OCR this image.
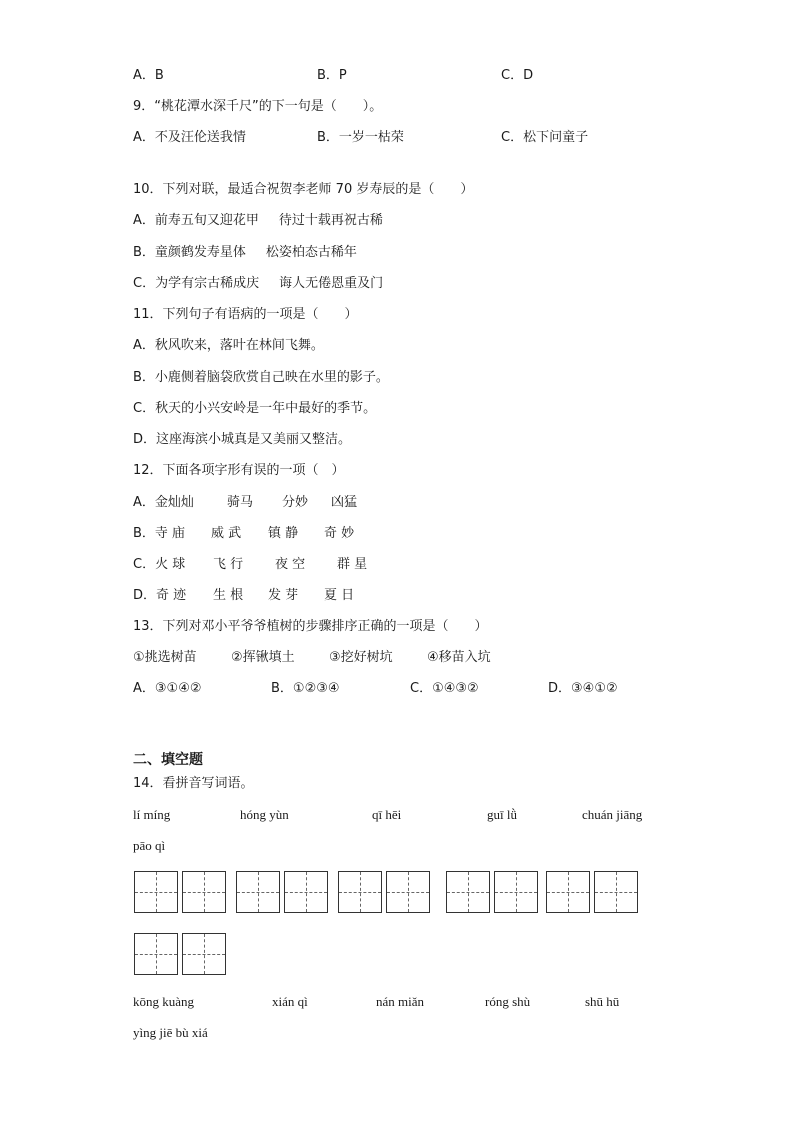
A．B	B．P	C．D
9．“桃花潭水深千尺”的下一句是（　　）。
A．不及汪伦送我情	B．一岁一枯荣	C．松下问童子
10．下列对联，最适合祝贺李老师 70 岁寿辰的是（　　）
A．前寿五旬又迎花甲 待过十载再祝古稀
B．童颜鹤发寿星体 松姿柏态古稀年
C．为学有宗古稀成庆 诲人无倦恩重及门
11．下列句子有语病的一项是（　　）
A．秋风吹来，落叶在林间飞舞。
B．小鹿侧着脑袋欣赏自己映在水里的影子。
C．秋天的小兴安岭是一年中最好的季节。
D．这座海滨小城真是又美丽又整洁。
12．下面各项字形有误的一项（　）
A．金灿灿	骑马 分妙 凶猛
B．寺 庙 威 武 镇 静 奇 妙
C．火 球 飞 行 夜 空 群 星
D．奇 迹 生 根 发 芽 夏 日
13．下列对邓小平爷爷植树的步骤排序正确的一项是（　　）
①挑选树苗	②挥锹填土	③挖好树坑	④移苗入坑
A．③①④②	B．①②③④	C．①④③②	D．③④①②
二、填空题
14．看拼音写词语。
lí míng	hóng yùn	qī hēi	guī lǜ	chuán jiāng
pāo qì
kōng kuàng	xián qì	nán miǎn	róng shù	shū hū
yìng jiē bù xiá
